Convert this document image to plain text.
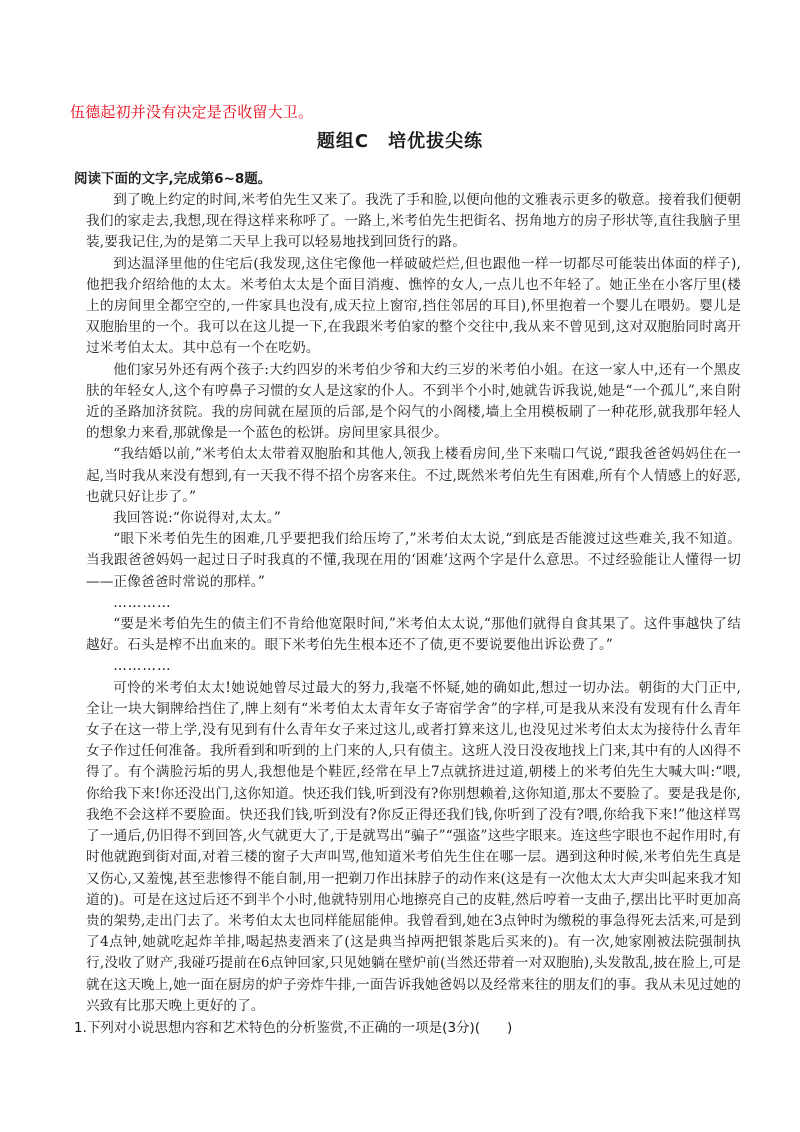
伍德起初并没有决定是否收留大卫。
题组C　培优拔尖练
阅读下面的文字,完成第6~8题。

到了晚上约定的时间,米考伯先生又来了。我洗了手和脸,以便向他的文雅表示更多的敬意。接着我们便朝我们的家走去,我想,现在得这样来称呼了。一路上,米考伯先生把街名、拐角地方的房子形状等,直往我脑子里装,要我记住,为的是第二天早上我可以轻易地找到回货行的路。

到达温泽里他的住宅后(我发现,这住宅像他一样破破烂烂,但也跟他一样一切都尽可能装出体面的样子),他把我介绍给他的太太。米考伯太太是个面目消瘦、憔悴的女人,一点儿也不年轻了。她正坐在小客厅里(楼上的房间里全都空空的,一件家具也没有,成天拉上窗帘,挡住邻居的耳目),怀里抱着一个婴儿在喂奶。婴儿是双胞胎里的一个。我可以在这儿提一下,在我跟米考伯家的整个交往中,我从来不曾见到,这对双胞胎同时离开过米考伯太太。其中总有一个在吃奶。

他们家另外还有两个孩子:大约四岁的米考伯少爷和大约三岁的米考伯小姐。在这一家人中,还有一个黑皮肤的年轻女人,这个有哼鼻子习惯的女人是这家的仆人。不到半个小时,她就告诉我说,她是“一个孤儿”,来自附近的圣路加济贫院。我的房间就在屋顶的后部,是个闷气的小阁楼,墙上全用模板刷了一种花形,就我那年轻人的想象力来看,那就像是一个蓝色的松饼。房间里家具很少。

“我结婚以前,”米考伯太太带着双胞胎和其他人,领我上楼看房间,坐下来喘口气说,“跟我爸爸妈妈住在一起,当时我从来没有想到,有一天我不得不招个房客来住。不过,既然米考伯先生有困难,所有个人情感上的好恶,也就只好让步了。”

我回答说:“你说得对,太太。”

“眼下米考伯先生的困难,几乎要把我们给压垮了,”米考伯太太说,“到底是否能渡过这些难关,我不知道。当我跟爸爸妈妈一起过日子时我真的不懂,我现在用的‘困难’这两个字是什么意思。不过经验能让人懂得一切——正像爸爸时常说的那样。”

…………

“要是米考伯先生的债主们不肯给他宽限时间,”米考伯太太说,“那他们就得自食其果了。这件事越快了结越好。石头是榨不出血来的。眼下米考伯先生根本还不了债,更不要说要他出诉讼费了。”

…………

可怜的米考伯太太!她说她曾尽过最大的努力,我毫不怀疑,她的确如此,想过一切办法。朝街的大门正中,全让一块大铜牌给挡住了,牌上刻有“米考伯太太青年女子寄宿学舍”的字样,可是我从来没有发现有什么青年女子在这一带上学,没有见到有什么青年女子来过这儿,或者打算来这儿,也没见过米考伯太太为接待什么青年女子作过任何准备。我所看到和听到的上门来的人,只有债主。这班人没日没夜地找上门来,其中有的人凶得不得了。有个满脸污垢的男人,我想他是个鞋匠,经常在早上7点就挤进过道,朝楼上的米考伯先生大喊大叫:“喂,你给我下来!你还没出门,这你知道。快还我们钱,听到没有?你别想赖着,这你知道,那太不要脸了。要是我是你,我绝不会这样不要脸面。快还我们钱,听到没有?你反正得还我们钱,你听到了没有?喂,你给我下来!”他这样骂了一通后,仍旧得不到回答,火气就更大了,于是就骂出“骗子”“强盗”这些字眼来。连这些字眼也不起作用时,有时他就跑到街对面,对着三楼的窗子大声叫骂,他知道米考伯先生住在哪一层。遇到这种时候,米考伯先生真是又伤心,又羞愧,甚至悲惨得不能自制,用一把剃刀作出抹脖子的动作来(这是有一次他太太大声尖叫起来我才知道的)。可是在这过后还不到半个小时,他就特别用心地擦亮自己的皮鞋,然后哼着一支曲子,摆出比平时更加高贵的架势,走出门去了。米考伯太太也同样能屈能伸。我曾看到,她在3点钟时为缴税的事急得死去活来,可是到了4点钟,她就吃起炸羊排,喝起热麦酒来了(这是典当掉两把银茶匙后买来的)。有一次,她家刚被法院强制执行,没收了财产,我碰巧提前在6点钟回家,只见她躺在壁炉前(当然还带着一对双胞胎),头发散乱,披在脸上,可是就在这天晚上,她一面在厨房的炉子旁炸牛排,一面告诉我她爸妈以及经常来往的朋友们的事。我从未见过她的兴致有比那天晚上更好的了。

1.下列对小说思想内容和艺术特色的分析鉴赏,不正确的一项是(3分)(　　)
